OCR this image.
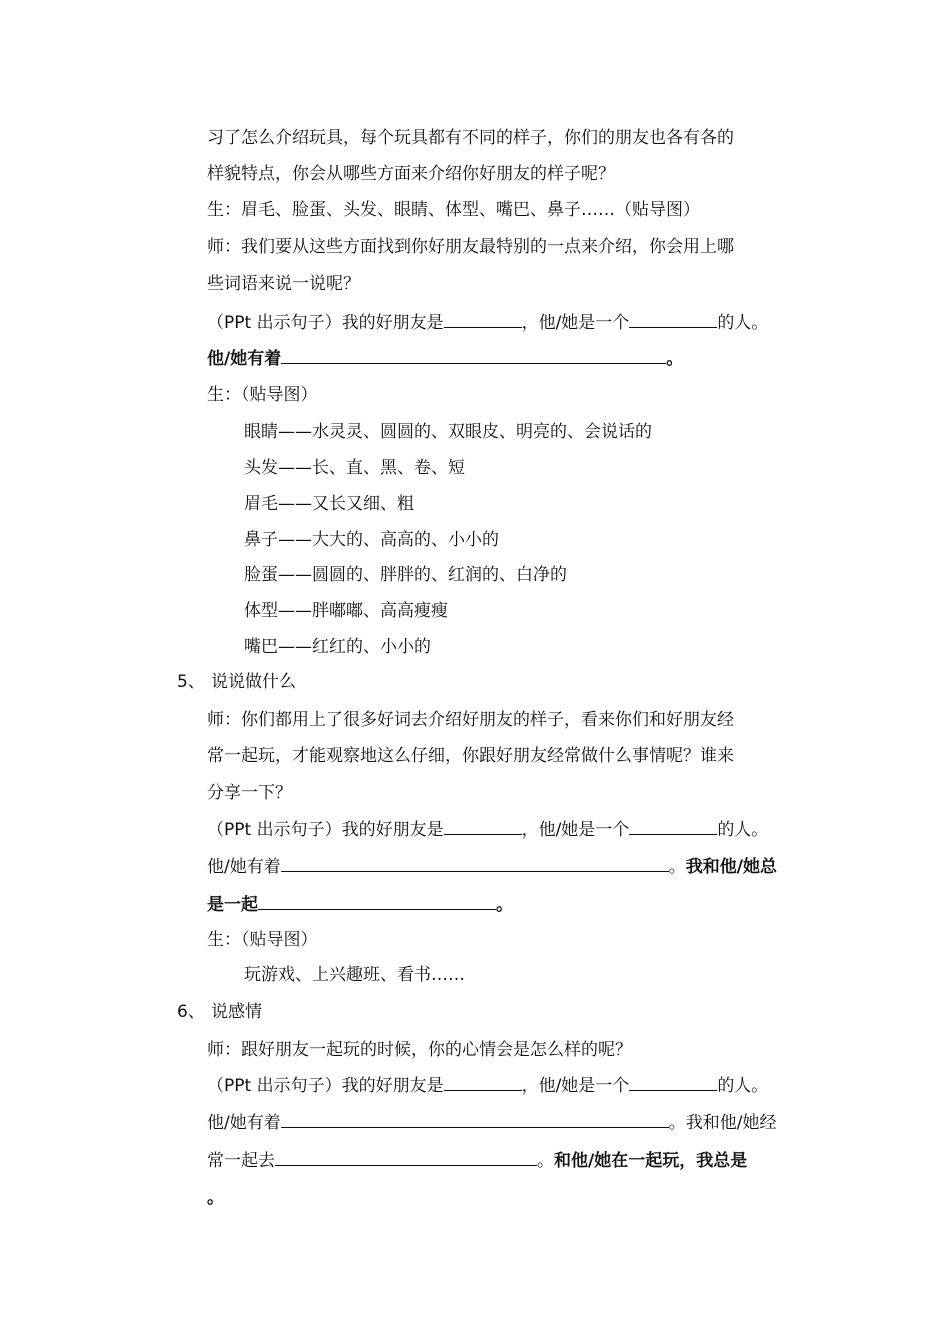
习了怎么介绍玩具，每个玩具都有不同的样子，你们的朋友也各有各的
样貌特点，你会从哪些方面来介绍你好朋友的样子呢？
生：眉毛、脸蛋、头发、眼睛、体型、嘴巴、鼻子……（贴导图）
师：我们要从这些方面找到你好朋友最特别的一点来介绍，你会用上哪
些词语来说一说呢？
（PPt 出示句子）我的好朋友是	，他/她是一个	的人。
他/她有着	。
生：（贴导图）
眼睛——水灵灵、圆圆的、双眼皮、明亮的、会说话的
头发——长、直、黑、卷、短
眉毛——又长又细、粗
鼻子——大大的、高高的、小小的
脸蛋——圆圆的、胖胖的、红润的、白净的
体型——胖嘟嘟、高高瘦瘦
嘴巴——红红的、小小的
5、 说说做什么
师：你们都用上了很多好词去介绍好朋友的样子，看来你们和好朋友经
常一起玩，才能观察地这么仔细，你跟好朋友经常做什么事情呢？谁来
分享一下？
（PPt 出示句子）我的好朋友是	，他/她是一个	的人。
他/她有着	。我和他/她总
是一起	。
生：（贴导图）
玩游戏、上兴趣班、看书……
6、 说感情
师：跟好朋友一起玩的时候，你的心情会是怎么样的呢？
（PPt 出示句子）我的好朋友是	，他/她是一个	的人。
他/她有着	。我和他/她经
常一起去	。和他/她在一起玩，我总是
。
